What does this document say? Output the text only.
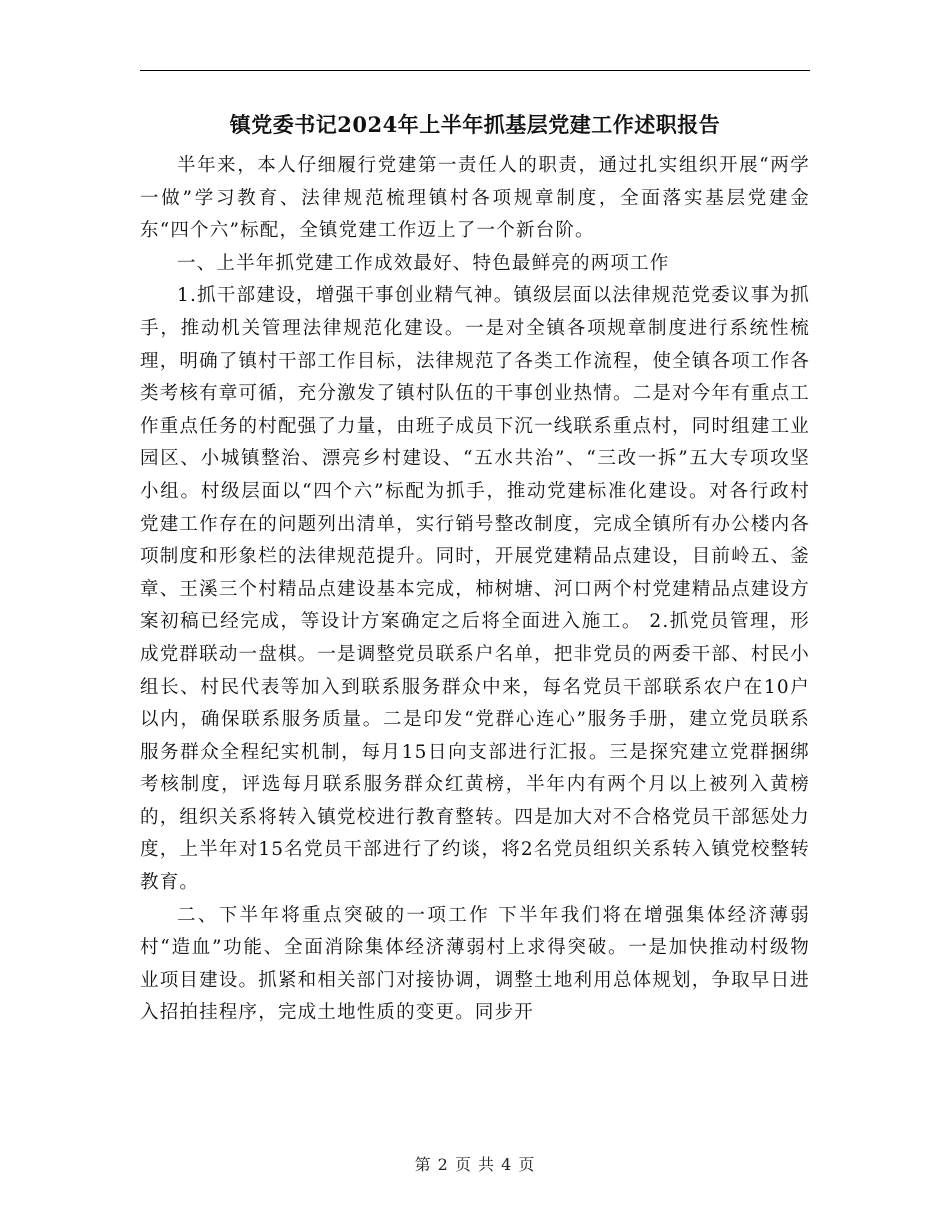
镇党委书记2024年上半年抓基层党建工作述职报告

半年来，本人仔细履行党建第一责任人的职责，通过扎实组织开展“两学一做”学习教育、法律规范梳理镇村各项规章制度，全面落实基层党建金东“四个六”标配，全镇党建工作迈上了一个新台阶。

一、上半年抓党建工作成效最好、特色最鲜亮的两项工作

1.抓干部建设，增强干事创业精气神。镇级层面以法律规范党委议事为抓手，推动机关管理法律规范化建设。一是对全镇各项规章制度进行系统性梳理，明确了镇村干部工作目标，法律规范了各类工作流程，使全镇各项工作各类考核有章可循，充分激发了镇村队伍的干事创业热情。二是对今年有重点工作重点任务的村配强了力量，由班子成员下沉一线联系重点村，同时组建工业园区、小城镇整治、漂亮乡村建设、“五水共治”、“三改一拆”五大专项攻坚小组。村级层面以“四个六”标配为抓手，推动党建标准化建设。对各行政村党建工作存在的问题列出清单，实行销号整改制度，完成全镇所有办公楼内各项制度和形象栏的法律规范提升。同时，开展党建精品点建设，目前岭五、釜章、王溪三个村精品点建设基本完成，柿树塘、河口两个村党建精品点建设方案初稿已经完成，等设计方案确定之后将全面进入施工。 2.抓党员管理，形成党群联动一盘棋。一是调整党员联系户名单，把非党员的两委干部、村民小组长、村民代表等加入到联系服务群众中来，每名党员干部联系农户在10户以内，确保联系服务质量。二是印发“党群心连心”服务手册，建立党员联系服务群众全程纪实机制，每月15日向支部进行汇报。三是探究建立党群捆绑考核制度，评选每月联系服务群众红黄榜，半年内有两个月以上被列入黄榜的，组织关系将转入镇党校进行教育整转。四是加大对不合格党员干部惩处力度，上半年对15名党员干部进行了约谈，将2名党员组织关系转入镇党校整转教育。

二、下半年将重点突破的一项工作 下半年我们将在增强集体经济薄弱村“造血”功能、全面消除集体经济薄弱村上求得突破。一是加快推动村级物业项目建设。抓紧和相关部门对接协调，调整土地利用总体规划，争取早日进入招拍挂程序，完成土地性质的变更。同步开

第 2 页 共 4 页
